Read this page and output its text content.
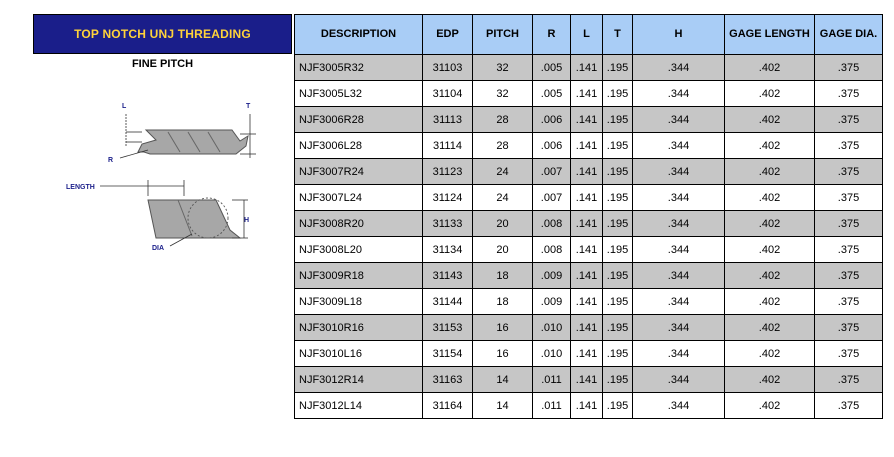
TOP NOTCH UNJ THREADING
FINE PITCH
L	T
R
LENGTH
H
DIA
DESCRIPTION	EDP	PITCH	R	L	T	H	GAGE LENGTH	GAGE DIA.
NJF3005R32	31103	32	.005	.141	.195	.344	.402	.375
NJF3005L32	31104	32	.005	.141	.195	.344	.402	.375
NJF3006R28	31113	28	.006	.141	.195	.344	.402	.375
NJF3006L28	31114	28	.006	.141	.195	.344	.402	.375
NJF3007R24	31123	24	.007	.141	.195	.344	.402	.375
NJF3007L24	31124	24	.007	.141	.195	.344	.402	.375
NJF3008R20	31133	20	.008	.141	.195	.344	.402	.375
NJF3008L20	31134	20	.008	.141	.195	.344	.402	.375
NJF3009R18	31143	18	.009	.141	.195	.344	.402	.375
NJF3009L18	31144	18	.009	.141	.195	.344	.402	.375
NJF3010R16	31153	16	.010	.141	.195	.344	.402	.375
NJF3010L16	31154	16	.010	.141	.195	.344	.402	.375
NJF3012R14	31163	14	.011	.141	.195	.344	.402	.375
NJF3012L14	31164	14	.011	.141	.195	.344	.402	.375
